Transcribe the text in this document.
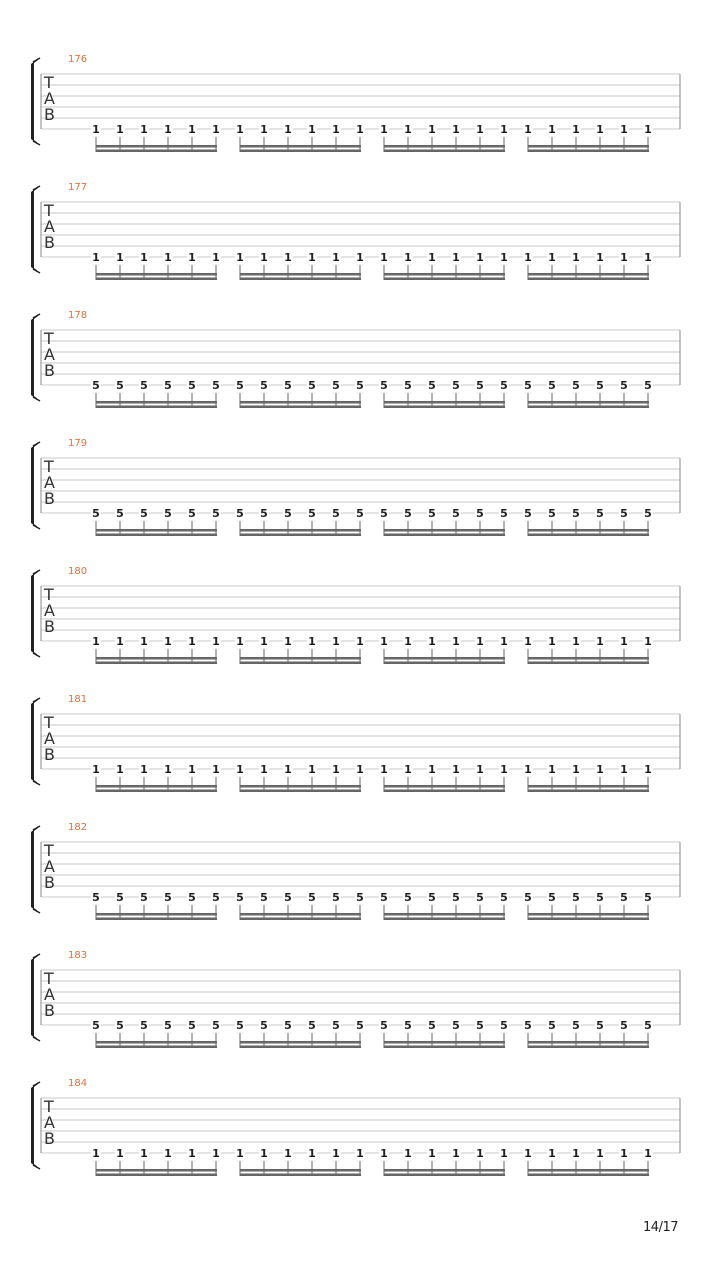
176
T
A
B
1 1 1 1 1 1 1 1 1 1 1 1 1 1 1 1 1 1 1 1 1 1 1 1
177
T
A
B
1 1 1 1 1 1 1 1 1 1 1 1 1 1 1 1 1 1 1 1 1 1 1 1
178
T
A
B
5 5 5 5 5 5 5 5 5 5 5 5 5 5 5 5 5 5 5 5 5 5 5 5
179
T
A
B
5 5 5 5 5 5 5 5 5 5 5 5 5 5 5 5 5 5 5 5 5 5 5 5
180
T
A
B
1 1 1 1 1 1 1 1 1 1 1 1 1 1 1 1 1 1 1 1 1 1 1 1
181
T
A
B
1 1 1 1 1 1 1 1 1 1 1 1 1 1 1 1 1 1 1 1 1 1 1 1
182
T
A
B
5 5 5 5 5 5 5 5 5 5 5 5 5 5 5 5 5 5 5 5 5 5 5 5
183
T
A
B
5 5 5 5 5 5 5 5 5 5 5 5 5 5 5 5 5 5 5 5 5 5 5 5
184
T
A
B
1 1 1 1 1 1 1 1 1 1 1 1 1 1 1 1 1 1 1 1 1 1 1 1
14/17
